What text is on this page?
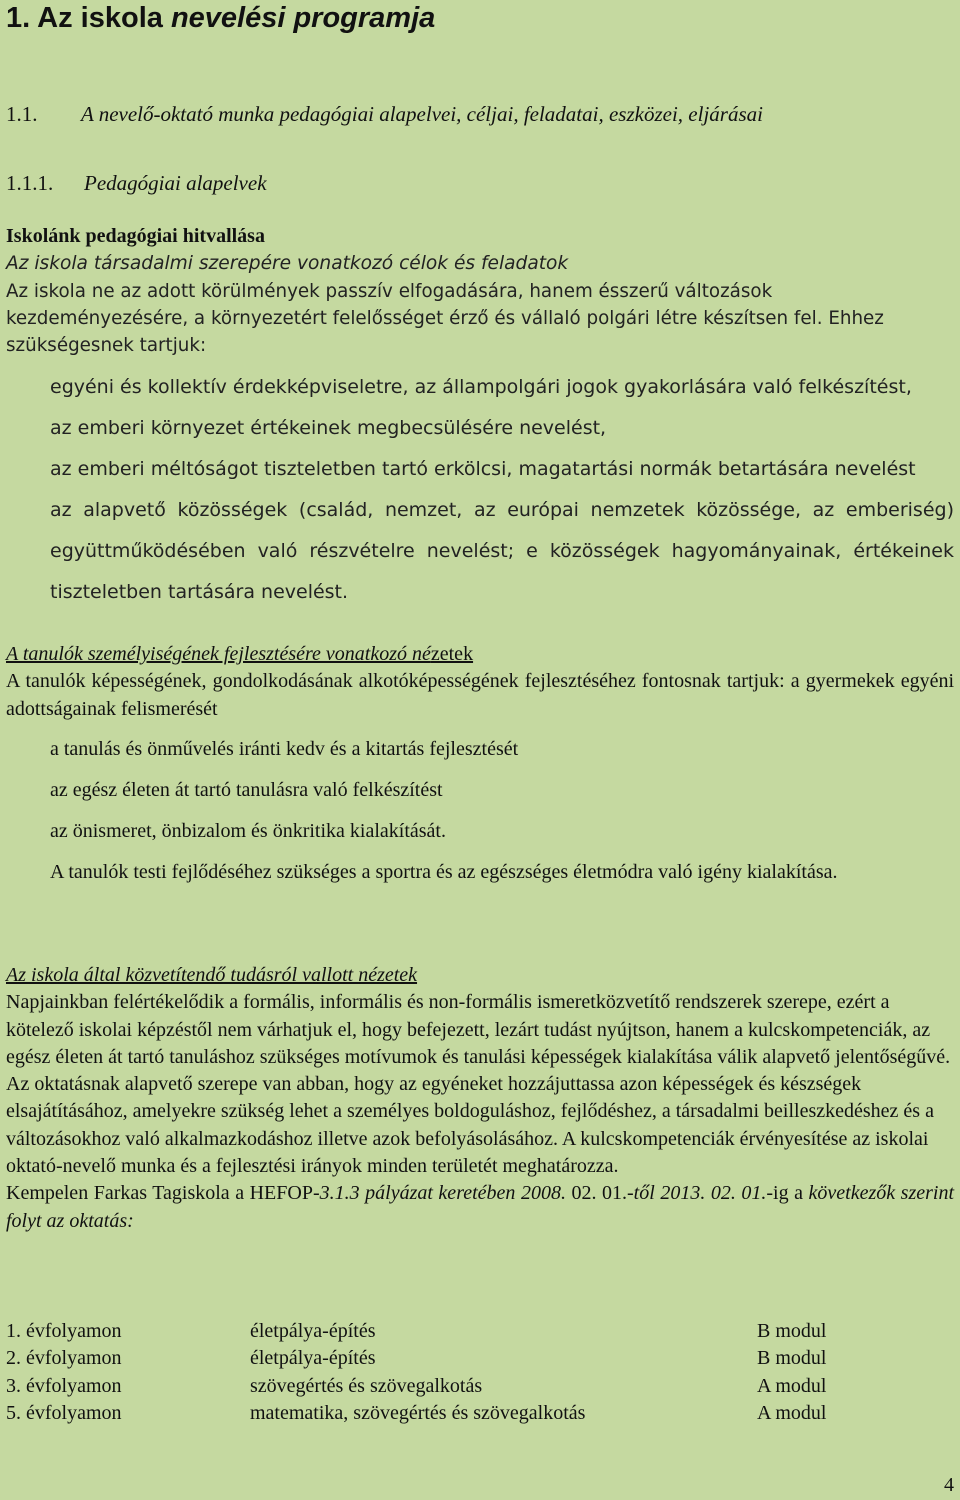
1. Az iskola nevelési programja
1.1. A nevelő-oktató munka pedagógiai alapelvei, céljai, feladatai, eszközei, eljárásai
1.1.1. Pedagógiai alapelvek

Iskolánk pedagógiai hitvallása

Az iskola társadalmi szerepére vonatkozó célok és feladatok

Az iskola ne az adott körülmények passzív elfogadására, hanem ésszerű változások

kezdeményezésére, a környezetért felelősséget érző és vállaló polgári létre készítsen fel. Ehhez

szükségesnek tartjuk:

egyéni és kollektív érdekképviseletre, az állampolgári jogok gyakorlására való felkészítést,

az emberi környezet értékeinek megbecsülésére nevelést,

az emberi méltóságot tiszteletben tartó erkölcsi, magatartási normák betartására nevelést

az alapvető közösségek (család, nemzet, az európai nemzetek közössége, az emberiség) együttműködésében való részvételre nevelést; e közösségek hagyományainak, értékeinek tiszteletben tartására nevelést.

A tanulók személyiségének fejlesztésére vonatkozó nézetek

A tanulók képességének, gondolkodásának alkotóképességének fejlesztéséhez fontosnak tartjuk: a gyermekek egyéni adottságainak felismerését

a tanulás és önművelés iránti kedv és a kitartás fejlesztését

az egész életen át tartó tanulásra való felkészítést

az önismeret, önbizalom és önkritika kialakítását.

A tanulók testi fejlődéséhez szükséges a sportra és az egészséges életmódra való igény kialakítása.

Az iskola által közvetítendő tudásról vallott nézetek

Napjainkban felértékelődik a formális, informális és non-formális ismeretközvetítő rendszerek szerepe, ezért a kötelező iskolai képzéstől nem várhatjuk el, hogy befejezett, lezárt tudást nyújtson, hanem a kulcskompetenciák, az egész életen át tartó tanuláshoz szükséges motívumok és tanulási képességek kialakítása válik alapvető jelentőségűvé.

Az oktatásnak alapvető szerepe van abban, hogy az egyéneket hozzájuttassa azon képességek és készségek elsajátításához, amelyekre szükség lehet a személyes boldoguláshoz, fejlődéshez, a társadalmi beilleszkedéshez és a változásokhoz való alkalmazkodáshoz illetve azok befolyásolásához. A kulcskompetenciák érvényesítése az iskolai oktató-nevelő munka és a fejlesztési irányok minden területét meghatározza.

Kempelen Farkas Tagiskola a HEFOP-3.1.3 pályázat keretében 2008. 02. 01.-től 2013. 02. 01.-ig a következők szerint folyt az oktatás:

1. évfolyamon	életpálya-építés	B modul
2. évfolyamon	életpálya-építés	B modul
3. évfolyamon	szövegértés és szövegalkotás	A modul
5. évfolyamon	matematika, szövegértés és szövegalkotás	A modul
4
